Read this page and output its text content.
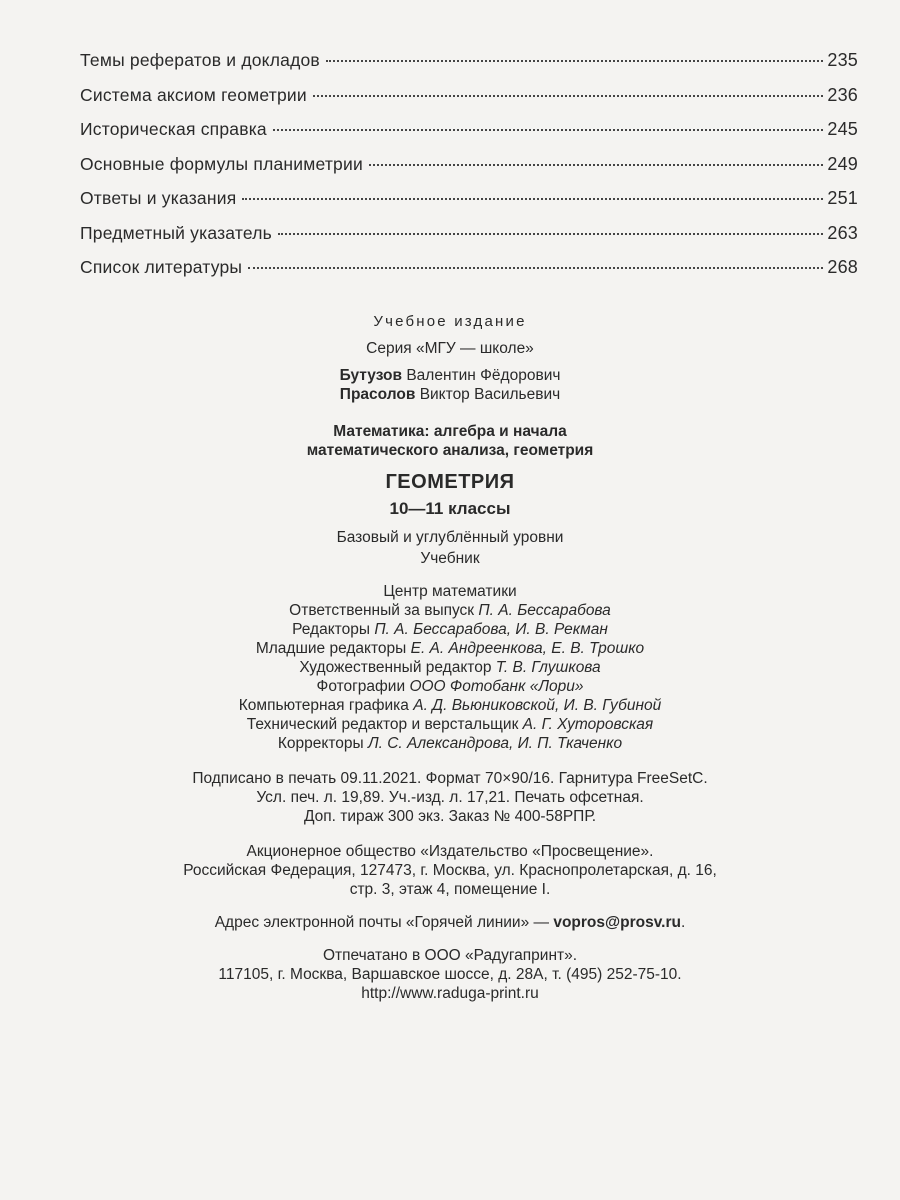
Темы рефератов и докладов	235
Система аксиом геометрии	236
Историческая справка	245
Основные формулы планиметрии	249
Ответы и указания	251
Предметный указатель	263
Список литературы	268
Учебное издание
Серия «МГУ — школе»
Бутузов Валентин Фёдорович
Прасолов Виктор Васильевич
Математика: алгебра и начала
математического анализа, геометрия
ГЕОМЕТРИЯ
10—11 классы
Базовый и углублённый уровни
Учебник
Центр математики
Ответственный за выпуск П. А. Бессарабова
Редакторы П. А. Бессарабова, И. В. Рекман
Младшие редакторы Е. А. Андреенкова, Е. В. Трошко
Художественный редактор Т. В. Глушкова
Фотографии ООО Фотобанк «Лори»
Компьютерная графика А. Д. Вьюниковской, И. В. Губиной
Технический редактор и верстальщик А. Г. Хуторовская
Корректоры Л. С. Александрова, И. П. Ткаченко
Подписано в печать 09.11.2021. Формат 70×90/16. Гарнитура FreeSetC.
Усл. печ. л. 19,89. Уч.-изд. л. 17,21. Печать офсетная.
Доп. тираж 300 экз. Заказ № 400-58РПР.
Акционерное общество «Издательство «Просвещение».
Российская Федерация, 127473, г. Москва, ул. Краснопролетарская, д. 16,
стр. 3, этаж 4, помещение I.
Адрес электронной почты «Горячей линии» — vopros@prosv.ru.
Отпечатано в ООО «Радугапринт».
117105, г. Москва, Варшавское шоссе, д. 28А, т. (495) 252-75-10.
http://www.raduga-print.ru
